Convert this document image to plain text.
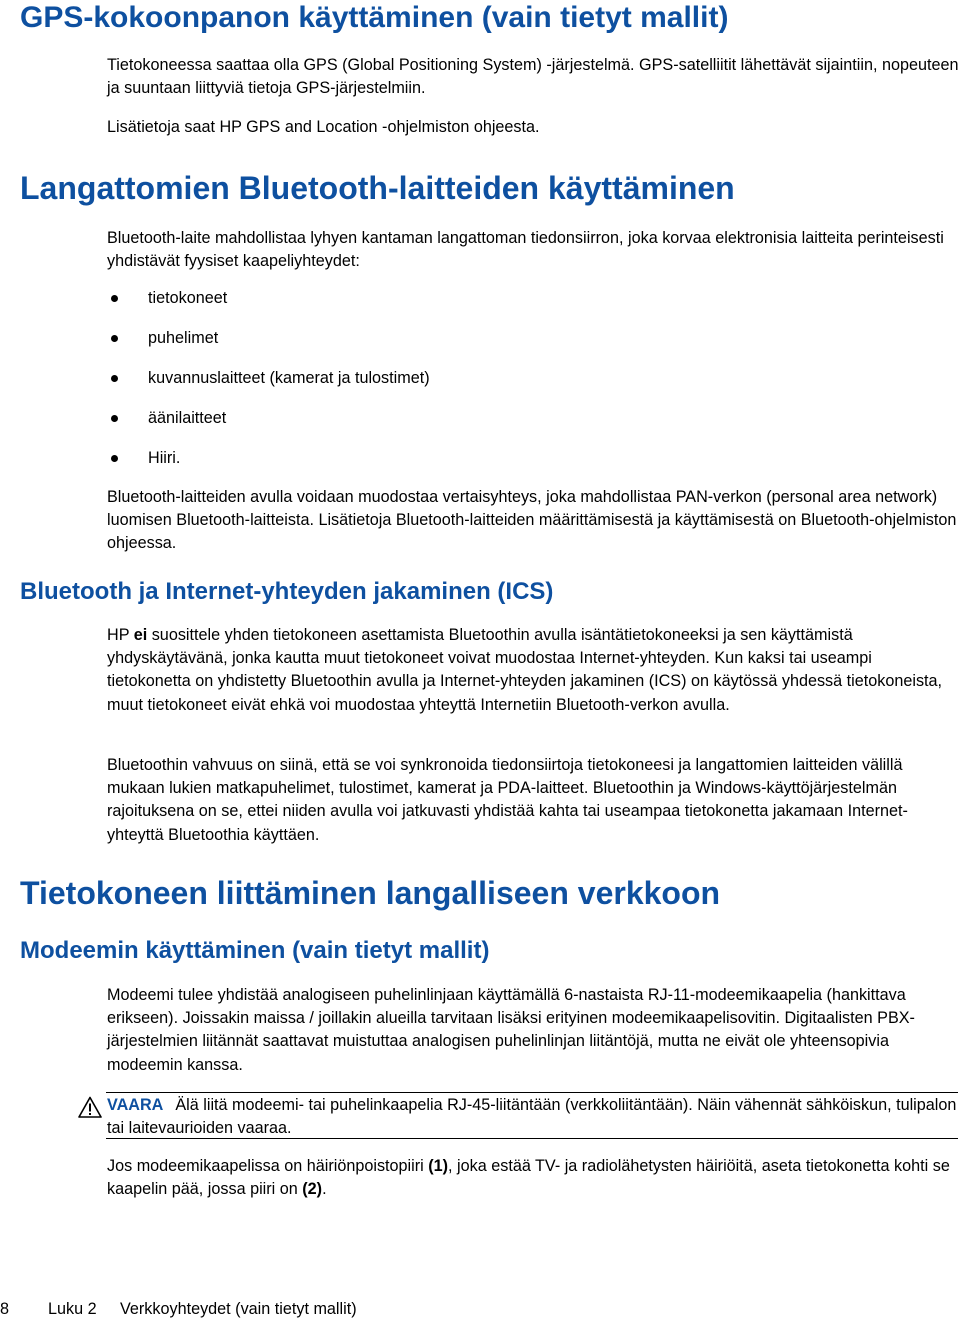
GPS-kokoonpanon käyttäminen (vain tietyt mallit)

Tietokoneessa saattaa olla GPS (Global Positioning System) -järjestelmä. GPS-satelliitit lähettävät sijaintiin, nopeuteen ja suuntaan liittyviä tietoja GPS-järjestelmiin.

Lisätietoja saat HP GPS and Location -ohjelmiston ohjeesta.

Langattomien Bluetooth-laitteiden käyttäminen

Bluetooth-laite mahdollistaa lyhyen kantaman langattoman tiedonsiirron, joka korvaa elektronisia laitteita perinteisesti yhdistävät fyysiset kaapeliyhteydet:

tietokoneet
puhelimet
kuvannuslaitteet (kamerat ja tulostimet)
äänilaitteet
Hiiri.

Bluetooth-laitteiden avulla voidaan muodostaa vertaisyhteys, joka mahdollistaa PAN-verkon (personal area network) luomisen Bluetooth-laitteista. Lisätietoja Bluetooth-laitteiden määrittämisestä ja käyttämisestä on Bluetooth-ohjelmiston ohjeessa.

Bluetooth ja Internet-yhteyden jakaminen (ICS)

HP ei suosittele yhden tietokoneen asettamista Bluetoothin avulla isäntätietokoneeksi ja sen käyttämistä yhdyskäytävänä, jonka kautta muut tietokoneet voivat muodostaa Internet-yhteyden. Kun kaksi tai useampi tietokonetta on yhdistetty Bluetoothin avulla ja Internet-yhteyden jakaminen (ICS) on käytössä yhdessä tietokoneista, muut tietokoneet eivät ehkä voi muodostaa yhteyttä Internetiin Bluetooth-verkon avulla.

Bluetoothin vahvuus on siinä, että se voi synkronoida tiedonsiirtoja tietokoneesi ja langattomien laitteiden välillä mukaan lukien matkapuhelimet, tulostimet, kamerat ja PDA-laitteet. Bluetoothin ja Windows-käyttöjärjestelmän rajoituksena on se, ettei niiden avulla voi jatkuvasti yhdistää kahta tai useampaa tietokonetta jakamaan Internet-yhteyttä Bluetoothia käyttäen.

Tietokoneen liittäminen langalliseen verkkoon
Modeemin käyttäminen (vain tietyt mallit)

Modeemi tulee yhdistää analogiseen puhelinlinjaan käyttämällä 6-nastaista RJ-11-modeemikaapelia (hankittava erikseen). Joissakin maissa / joillakin alueilla tarvitaan lisäksi erityinen modeemikaapelisovitin. Digitaalisten PBX-järjestelmien liitännät saattavat muistuttaa analogisen puhelinlinjan liitäntöjä, mutta ne eivät ole yhteensopivia modeemin kanssa.

VAARA Älä liitä modeemi- tai puhelinkaapelia RJ-45-liitäntään (verkkoliitäntään). Näin vähennät sähköiskun, tulipalon tai laitevaurioiden vaaraa.

Jos modeemikaapelissa on häiriönpoistopiiri (1), joka estää TV- ja radiolähetysten häiriöitä, aseta tietokonetta kohti se kaapelin pää, jossa piiri on (2).

8 Luku 2 Verkkoyhteydet (vain tietyt mallit)
